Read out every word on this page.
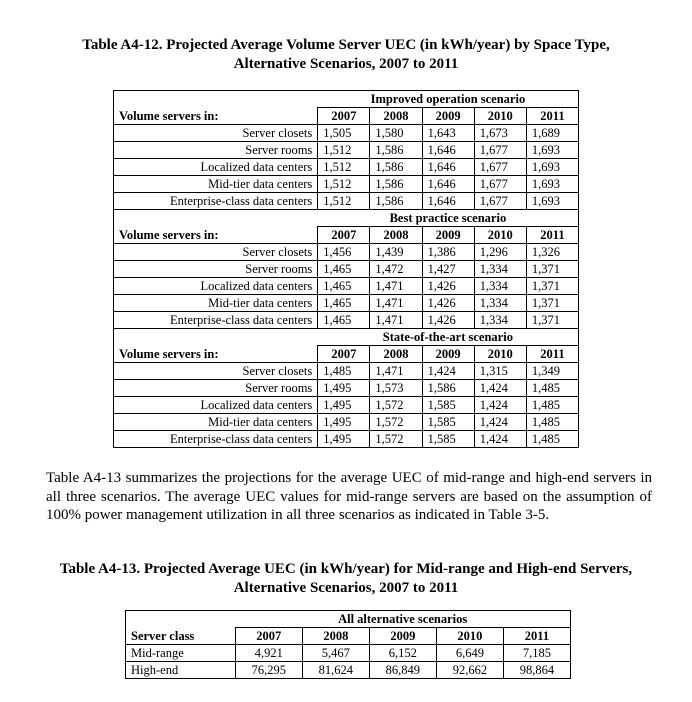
Table A4-12. Projected Average Volume Server UEC (in kWh/year) by Space Type,
Alternative Scenarios, 2007 to 2011
	Improved operation scenario				
Volume servers in:	2007	2008	2009	2010	2011
Server closets	1,505	1,580	1,643	1,673	1,689
Server rooms	1,512	1,586	1,646	1,677	1,693
Localized data centers	1,512	1,586	1,646	1,677	1,693
Mid-tier data centers	1,512	1,586	1,646	1,677	1,693
Enterprise-class data centers	1,512	1,586	1,646	1,677	1,693
	Best practice scenario				
Volume servers in:	2007	2008	2009	2010	2011
Server closets	1,456	1,439	1,386	1,296	1,326
Server rooms	1,465	1,472	1,427	1,334	1,371
Localized data centers	1,465	1,471	1,426	1,334	1,371
Mid-tier data centers	1,465	1,471	1,426	1,334	1,371
Enterprise-class data centers	1,465	1,471	1,426	1,334	1,371
	State-of-the-art scenario				
Volume servers in:	2007	2008	2009	2010	2011
Server closets	1,485	1,471	1,424	1,315	1,349
Server rooms	1,495	1,573	1,586	1,424	1,485
Localized data centers	1,495	1,572	1,585	1,424	1,485
Mid-tier data centers	1,495	1,572	1,585	1,424	1,485
Enterprise-class data centers	1,495	1,572	1,585	1,424	1,485
Table A4-13 summarizes the projections for the average UEC of mid-range and high-end servers in all three scenarios. The average UEC values for mid-range servers are based on the assumption of 100% power management utilization in all three scenarios as indicated in Table 3-5.
Table A4-13. Projected Average UEC (in kWh/year) for Mid-range and High-end Servers,
Alternative Scenarios, 2007 to 2011
	All alternative scenarios				
Server class	2007	2008	2009	2010	2011
Mid-range	4,921	5,467	6,152	6,649	7,185
High-end	76,295	81,624	86,849	92,662	98,864
